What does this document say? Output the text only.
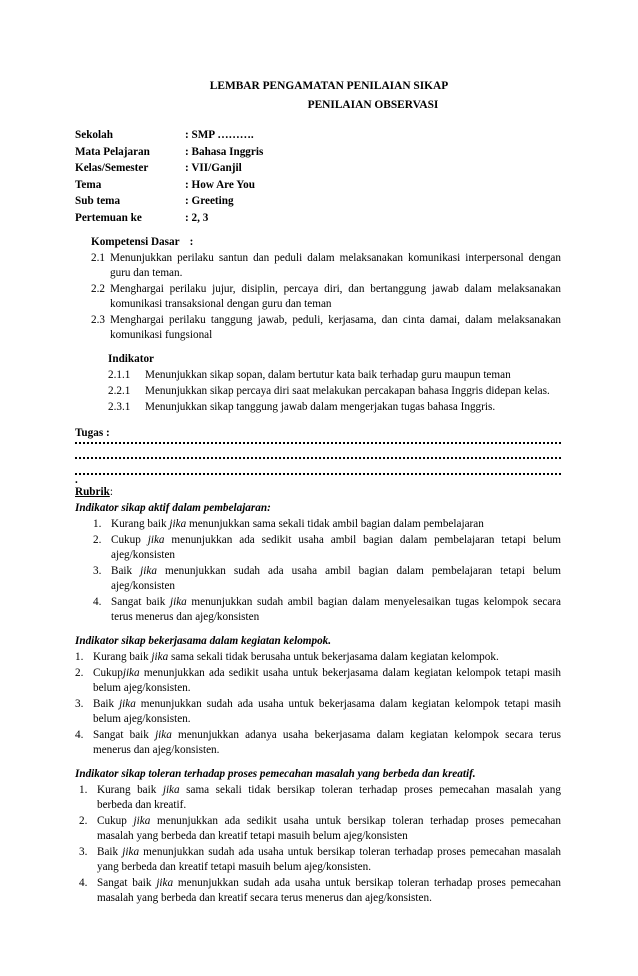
LEMBAR PENGAMATAN PENILAIAN SIKAP
PENILAIAN OBSERVASI
Sekolah	: SMP ……….
Mata Pelajaran	: Bahasa Inggris
Kelas/Semester	: VII/Ganjil
Tema	: How Are You
Sub tema	: Greeting
Pertemuan ke	: 2, 3
Kompetensi Dasar :
2.1 Menunjukkan perilaku santun dan peduli dalam melaksanakan komunikasi interpersonal dengan
guru dan teman.
2.2 Menghargai perilaku jujur, disiplin, percaya diri, dan bertanggung jawab dalam melaksanakan
komunikasi transaksional dengan guru dan teman
2.3 Menghargai perilaku tanggung jawab, peduli, kerjasama, dan cinta damai, dalam melaksanakan
komunikasi fungsional
Indikator
2.1.1 Menunjukkan sikap sopan, dalam bertutur kata baik terhadap guru maupun teman
2.2.1 Menunjukkan sikap percaya diri saat melakukan percakapan bahasa Inggris didepan kelas.
2.3.1 Menunjukkan sikap tanggung jawab dalam mengerjakan tugas bahasa Inggris.
Tugas :
.
Rubrik:
Indikator sikap aktif dalam pembelajaran:
1. Kurang baik jika menunjukkan sama sekali tidak ambil bagian dalam pembelajaran
2. Cukup jika menunjukkan ada sedikit usaha ambil bagian dalam pembelajaran tetapi belum
ajeg/konsisten
3. Baik jika menunjukkan sudah ada usaha ambil bagian dalam pembelajaran tetapi belum
ajeg/konsisten
4. Sangat baik jika menunjukkan sudah ambil bagian dalam menyelesaikan tugas kelompok secara
terus menerus dan ajeg/konsisten
Indikator sikap bekerjasama dalam kegiatan kelompok.
1. Kurang baik jika sama sekali tidak berusaha untuk bekerjasama dalam kegiatan kelompok.
2. Cukupjika menunjukkan ada sedikit usaha untuk bekerjasama dalam kegiatan kelompok tetapi masih
belum ajeg/konsisten.
3. Baik jika menunjukkan sudah ada usaha untuk bekerjasama dalam kegiatan kelompok tetapi masih
belum ajeg/konsisten.
4. Sangat baik jika menunjukkan adanya usaha bekerjasama dalam kegiatan kelompok secara terus
menerus dan ajeg/konsisten.
Indikator sikap toleran terhadap proses pemecahan masalah yang berbeda dan kreatif.
1. Kurang baik jika sama sekali tidak bersikap toleran terhadap proses pemecahan masalah yang
berbeda dan kreatif.
2. Cukup jika menunjukkan ada sedikit usaha untuk bersikap toleran terhadap proses pemecahan
masalah yang berbeda dan kreatif tetapi masuih belum ajeg/konsisten
3. Baik jika menunjukkan sudah ada usaha untuk bersikap toleran terhadap proses pemecahan masalah
yang berbeda dan kreatif tetapi masuih belum ajeg/konsisten.
4. Sangat baik jika menunjukkan sudah ada usaha untuk bersikap toleran terhadap proses pemecahan
masalah yang berbeda dan kreatif secara terus menerus dan ajeg/konsisten.
